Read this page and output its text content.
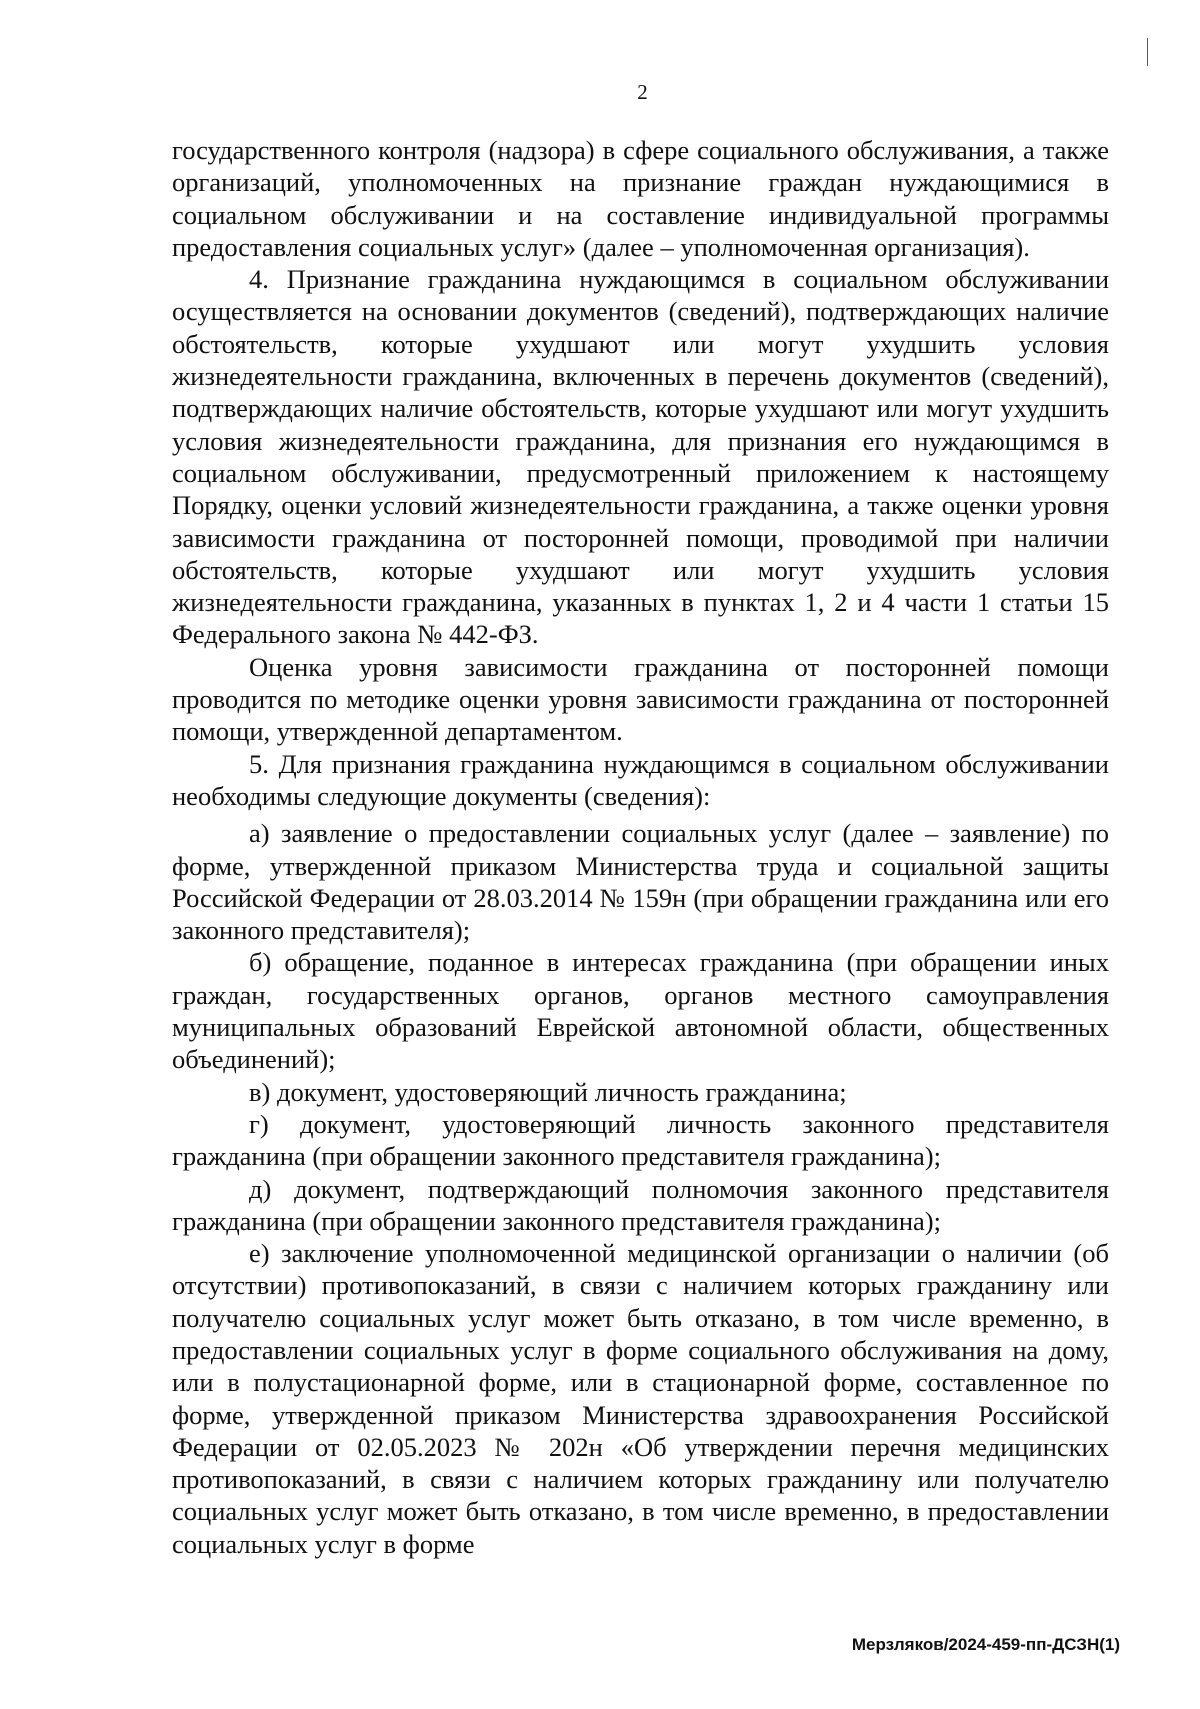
2

государственного контроля (надзора) в сфере социального обслуживания, а также организаций, уполномоченных на признание граждан нуждающимися в социальном обслуживании и на составление индивидуальной программы предоставления социальных услуг» (далее – уполномоченная организация).

4. Признание гражданина нуждающимся в социальном обслуживании осуществляется на основании документов (сведений), подтверждающих наличие обстоятельств, которые ухудшают или могут ухудшить условия жизнедеятельности гражданина, включенных в перечень документов (сведений), подтверждающих наличие обстоятельств, которые ухудшают или могут ухудшить условия жизнедеятельности гражданина, для признания его нуждающимся в социальном обслуживании, предусмотренный приложением к настоящему Порядку, оценки условий жизнедеятельности гражданина, а также оценки уровня зависимости гражданина от посторонней помощи, проводимой при наличии обстоятельств, которые ухудшают или могут ухудшить условия жизнедеятельности гражданина, указанных в пунктах 1, 2 и 4 части 1 статьи 15 Федерального закона № 442-ФЗ.

Оценка уровня зависимости гражданина от посторонней помощи проводится по методике оценки уровня зависимости гражданина от посторонней помощи, утвержденной департаментом.

5. Для признания гражданина нуждающимся в социальном обслуживании необходимы следующие документы (сведения):

а) заявление о предоставлении социальных услуг (далее – заявление) по форме, утвержденной приказом Министерства труда и социальной защиты Российской Федерации от 28.03.2014 № 159н (при обращении гражданина или его законного представителя);

б) обращение, поданное в интересах гражданина (при обращении иных граждан, государственных органов, органов местного самоуправления муниципальных образований Еврейской автономной области, общественных объединений);

в) документ, удостоверяющий личность гражданина;

г) документ, удостоверяющий личность законного представителя гражданина (при обращении законного представителя гражданина);

д) документ, подтверждающий полномочия законного представителя гражданина (при обращении законного представителя гражданина);

е) заключение уполномоченной медицинской организации о наличии (об отсутствии) противопоказаний, в связи с наличием которых гражданину или получателю социальных услуг может быть отказано, в том числе временно, в предоставлении социальных услуг в форме социального обслуживания на дому, или в полустационарной форме, или в стационарной форме, составленное по форме, утвержденной приказом Министерства здравоохранения Российской Федерации от 02.05.2023 № 202н «Об утверждении перечня медицинских противопоказаний, в связи с наличием которых гражданину или получателю социальных услуг может быть отказано, в том числе временно, в предоставлении социальных услуг в форме

Мерзляков/2024-459-пп-ДСЗН(1)
